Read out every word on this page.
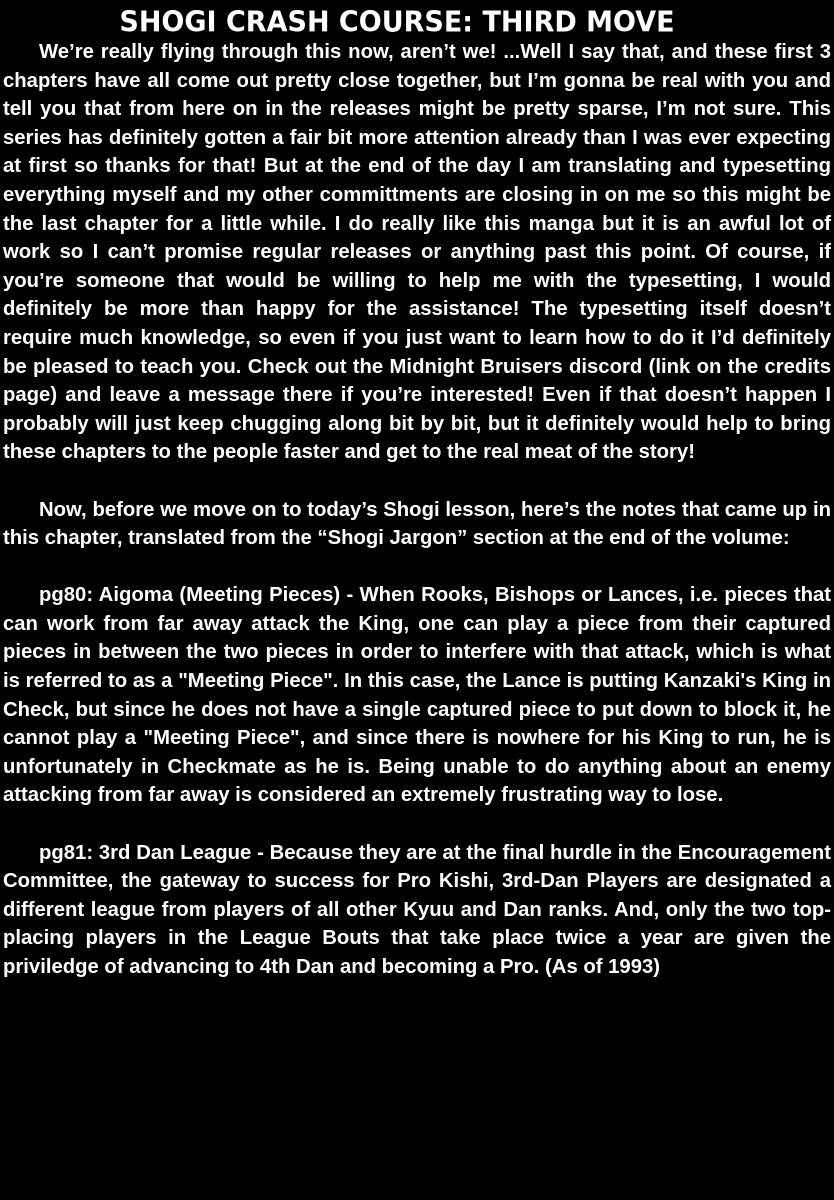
SHOGI CRASH COURSE: THIRD MOVE

We’re really flying through this now, aren’t we! ...Well I say that, and these first 3 chapters have all come out pretty close together, but I’m gonna be real with you and tell you that from here on in the releases might be pretty sparse, I’m not sure. This series has definitely gotten a fair bit more attention already than I was ever expecting at first so thanks for that! But at the end of the day I am translating and typesetting everything myself and my other committments are closing in on me so this might be the last chapter for a little while. I do really like this manga but it is an awful lot of work so I can’t promise regular releases or anything past this point. Of course, if you’re someone that would be willing to help me with the typesetting, I would definitely be more than happy for the assistance! The typesetting itself doesn’t require much knowledge, so even if you just want to learn how to do it I’d definitely be pleased to teach you. Check out the Midnight Bruisers discord (link on the credits page) and leave a message there if you’re interested! Even if that doesn’t happen I probably will just keep chugging along bit by bit, but it definitely would help to bring these chapters to the people faster and get to the real meat of the story!

Now, before we move on to today’s Shogi lesson, here’s the notes that came up in this chapter, translated from the “Shogi Jargon” section at the end of the volume:

pg80: Aigoma (Meeting Pieces) - When Rooks, Bishops or Lances, i.e. pieces that can work from far away attack the King, one can play a piece from their captured pieces in between the two pieces in order to interfere with that attack, which is what is referred to as a "Meeting Piece". In this case, the Lance is putting Kanzaki's King in Check, but since he does not have a single captured piece to put down to block it, he cannot play a "Meeting Piece", and since there is nowhere for his King to run, he is unfortunately in Checkmate as he is. Being unable to do anything about an enemy attacking from far away is considered an extremely frustrating way to lose.

pg81: 3rd Dan League - Because they are at the final hurdle in the Encouragement Committee, the gateway to success for Pro Kishi, 3rd-Dan Players are designated a different league from players of all other Kyuu and Dan ranks. And, only the two top-placing players in the League Bouts that take place twice a year are given the priviledge of advancing to 4th Dan and becoming a Pro. (As of 1993)
